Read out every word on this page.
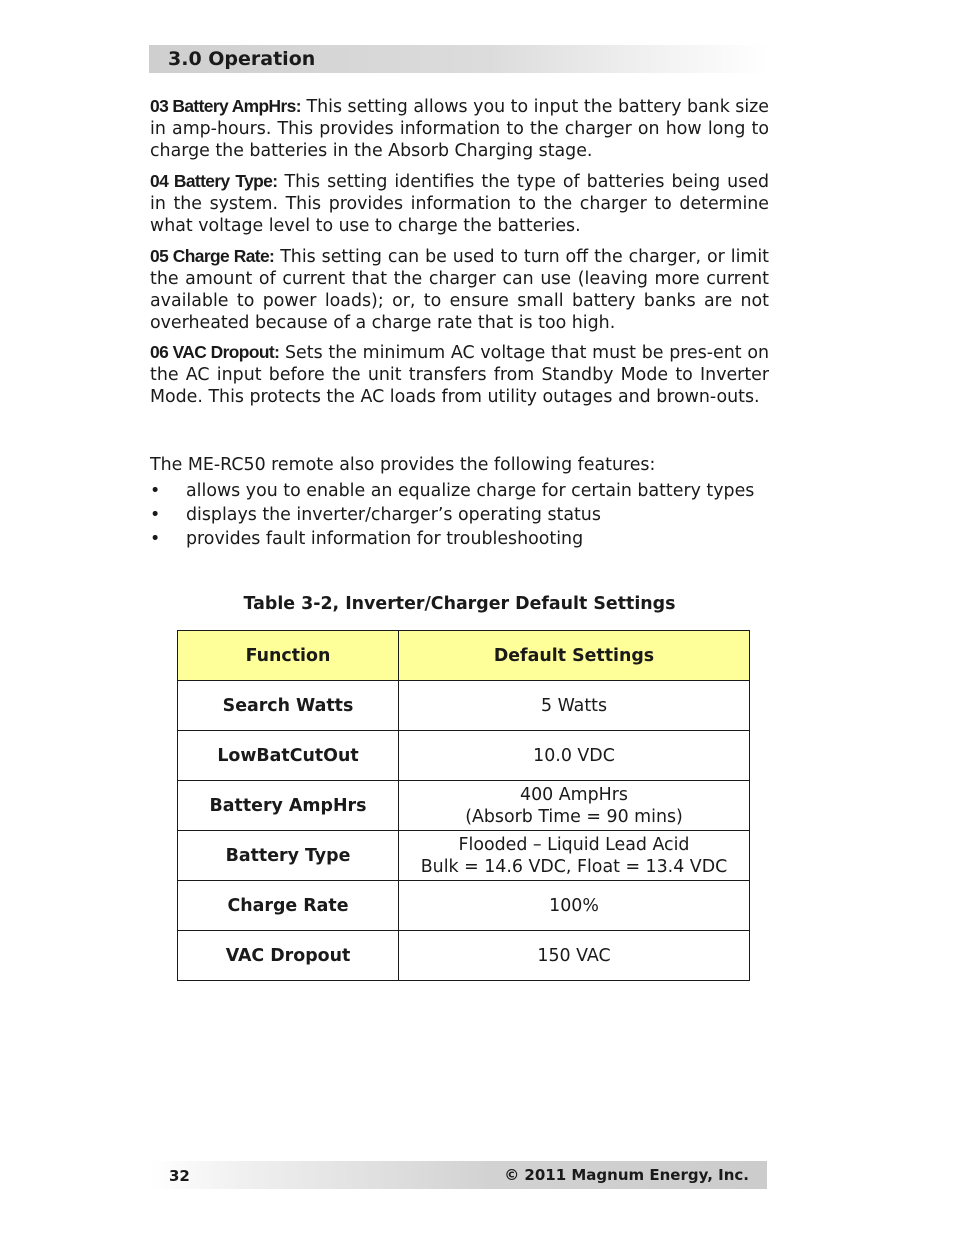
3.0 Operation

03 Battery AmpHrs: This setting allows you to input the battery bank size in amp-hours. This provides information to the charger on how long to charge the batteries in the Absorb Charging stage.

04 Battery Type: This setting identifies the type of batteries being used in the system. This provides information to the charger to determine what voltage level to use to charge the batteries.

05 Charge Rate: This setting can be used to turn off the charger, or limit the amount of current that the charger can use (leaving more current available to power loads); or, to ensure small battery banks are not overheated because of a charge rate that is too high.

06 VAC Dropout: Sets the minimum AC voltage that must be pres-ent on the AC input before the unit transfers from Standby Mode to Inverter Mode. This protects the AC loads from utility outages and brown-outs.

The ME-RC50 remote also provides the following features:

• allows you to enable an equalize charge for certain battery types
• displays the inverter/charger’s operating status
• provides fault information for troubleshooting
Table 3-2, Inverter/Charger Default Settings
Function	Default Settings
Search Watts	5 Watts

LowBatCutOut	10.0 VDC

Battery AmpHrs	400 AmpHrs
(Absorb Time = 90 mins)

Battery Type	Flooded – Liquid Lead Acid
Bulk = 14.6 VDC, Float = 13.4 VDC

Charge Rate	100%

VAC Dropout	150 VAC
32	© 2011 Magnum Energy, Inc.
